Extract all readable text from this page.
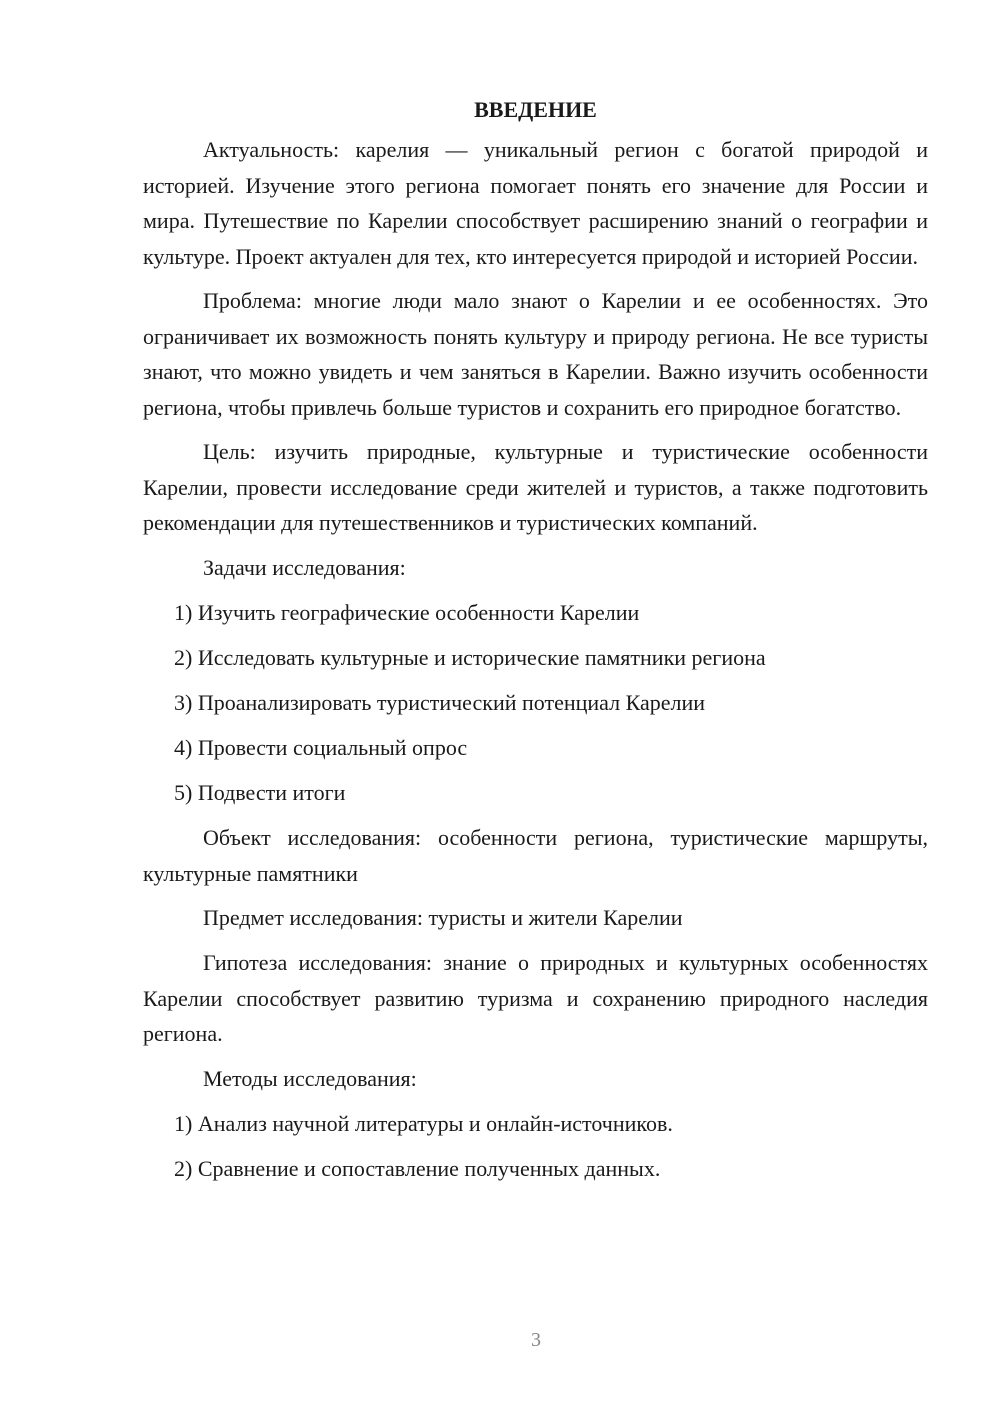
ВВЕДЕНИЕ

Актуальность: карелия — уникальный регион с богатой природой и историей. Изучение этого региона помогает понять его значение для России и мира. Путешествие по Карелии способствует расширению знаний о географии и культуре. Проект актуален для тех, кто интересуется природой и историей России.

Проблема: многие люди мало знают о Карелии и ее особенностях. Это ограничивает их возможность понять культуру и природу региона. Не все туристы знают, что можно увидеть и чем заняться в Карелии. Важно изучить особенности региона, чтобы привлечь больше туристов и сохранить его природное богатство.

Цель: изучить природные, культурные и туристические особенности Карелии, провести исследование среди жителей и туристов, а также подготовить рекомендации для путешественников и туристических компаний.

Задачи исследования:

1) Изучить географические особенности Карелии

2) Исследовать культурные и исторические памятники региона

3) Проанализировать туристический потенциал Карелии

4) Провести социальный опрос

5) Подвести итоги

Объект исследования: особенности региона, туристические маршруты, культурные памятники

Предмет исследования: туристы и жители Карелии

Гипотеза исследования: знание о природных и культурных особенностях Карелии способствует развитию туризма и сохранению природного наследия региона.

Методы исследования:

1) Анализ научной литературы и онлайн-источников.

2) Сравнение и сопоставление полученных данных.

3
